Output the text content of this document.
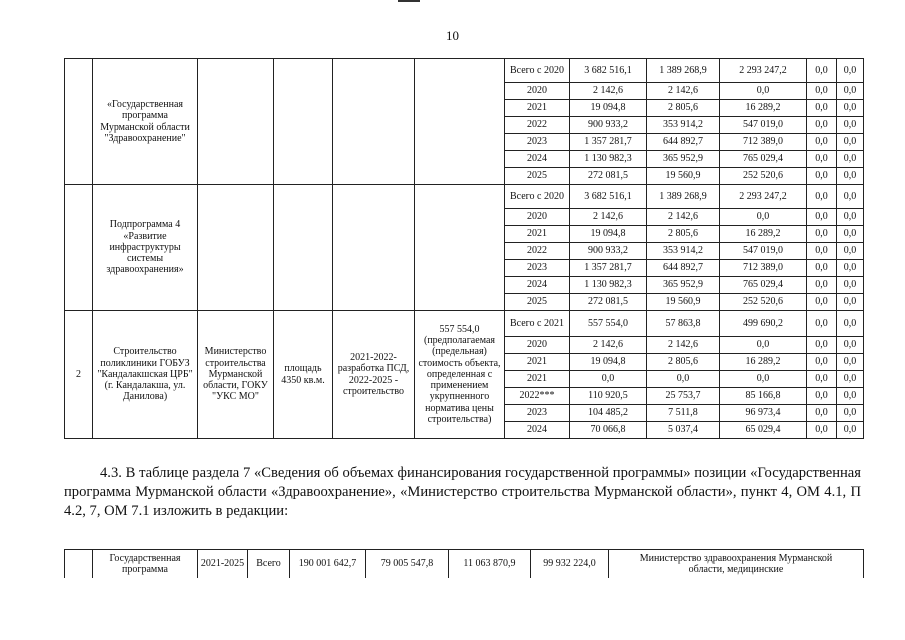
10
	«Государственная программа Мурманской области "Здравоохранение"					Всего с 2020	3 682 516,1	1 389 268,9	2 293 247,2	0,0	0,0
						2020	2 142,6	2 142,6	0,0	0,0	0,0
						2021	19 094,8	2 805,6	16 289,2	0,0	0,0
						2022	900 933,2	353 914,2	547 019,0	0,0	0,0
						2023	1 357 281,7	644 892,7	712 389,0	0,0	0,0
						2024	1 130 982,3	365 952,9	765 029,4	0,0	0,0
						2025	272 081,5	19 560,9	252 520,6	0,0	0,0
	Подпрограмма 4 «Развитие инфраструктуры системы здравоохранения»					Всего с 2020	3 682 516,1	1 389 268,9	2 293 247,2	0,0	0,0
						2020	2 142,6	2 142,6	0,0	0,0	0,0
						2021	19 094,8	2 805,6	16 289,2	0,0	0,0
						2022	900 933,2	353 914,2	547 019,0	0,0	0,0
						2023	1 357 281,7	644 892,7	712 389,0	0,0	0,0
						2024	1 130 982,3	365 952,9	765 029,4	0,0	0,0
						2025	272 081,5	19 560,9	252 520,6	0,0	0,0
2	Строительство поликлиники ГОБУЗ "Кандалакшская ЦРБ" (г. Кандалакша, ул. Данилова)	Министерство строительства Мурманской области, ГОКУ "УКС МО"	площадь 4350 кв.м.	2021-2022- разработка ПСД, 2022-2025 - строительство	557 554,0 (предполагаемая (предельная) стоимость объекта, определенная с применением укрупненного норматива цены строительства)	Всего с 2021	557 554,0	57 863,8	499 690,2	0,0	0,0
						2020	2 142,6	2 142,6	0,0	0,0	0,0
						2021	19 094,8	2 805,6	16 289,2	0,0	0,0
						2021	0,0	0,0	0,0	0,0	0,0
						2022***	110 920,5	25 753,7	85 166,8	0,0	0,0
						2023	104 485,2	7 511,8	96 973,4	0,0	0,0
						2024	70 066,8	5 037,4	65 029,4	0,0	0,0
4.3. В таблице раздела 7 «Сведения об объемах финансирования государственной программы» позиции «Государственная программа Мурманской области «Здравоохранение», «Министерство строительства Мурманской области», пункт 4, ОМ 4.1, П 4.2, 7, ОМ 7.1 изложить в редакции:
	Государственная программа	2021-2025	Всего	190 001 642,7	79 005 547,8	11 063 870,9	99 932 224,0	Министерство здравоохранения Мурманской области, медицинские
